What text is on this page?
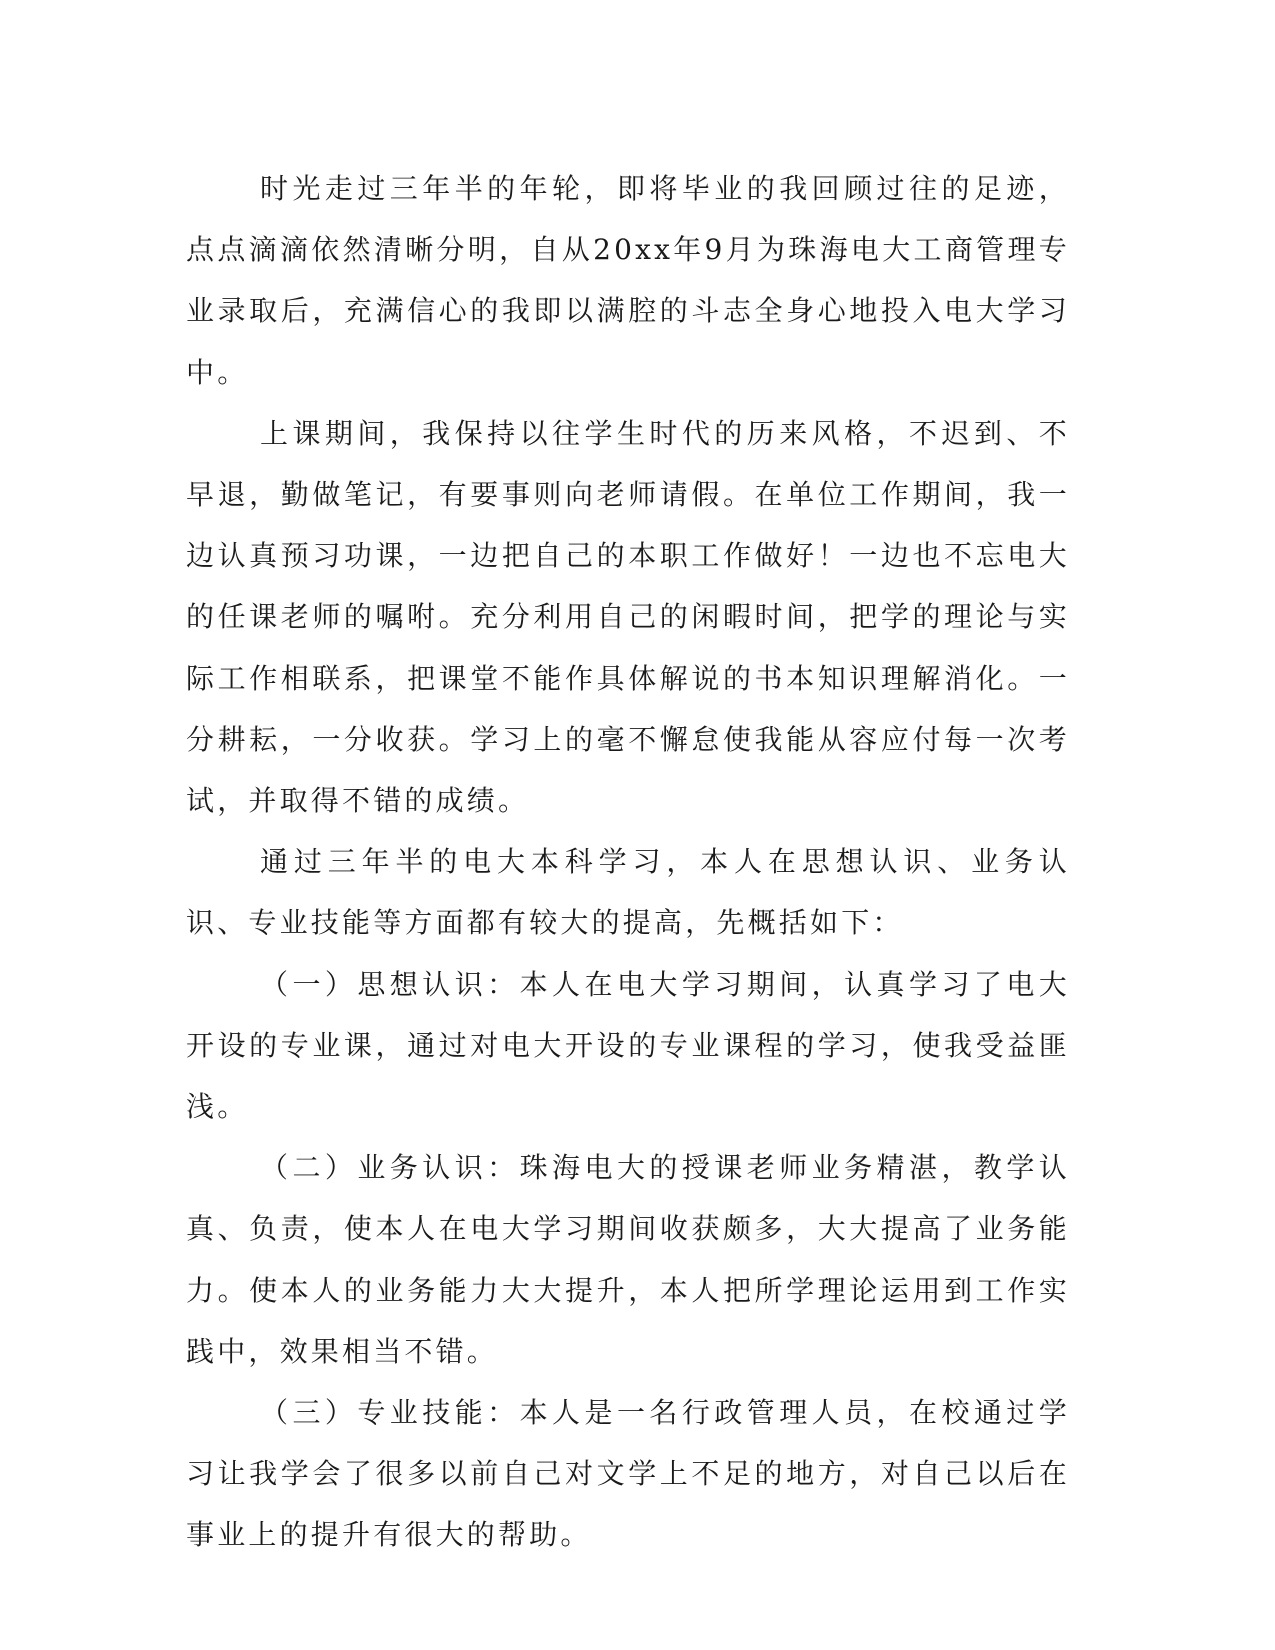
时光走过三年半的年轮，即将毕业的我回顾过往的足迹，点点滴滴依然清晰分明，自从20xx年9月为珠海电大工商管理专业录取后，充满信心的我即以满腔的斗志全身心地投入电大学习中。

上课期间，我保持以往学生时代的历来风格，不迟到、不早退，勤做笔记，有要事则向老师请假。在单位工作期间，我一边认真预习功课，一边把自己的本职工作做好！一边也不忘电大的任课老师的嘱咐。充分利用自己的闲暇时间，把学的理论与实际工作相联系，把课堂不能作具体解说的书本知识理解消化。一分耕耘，一分收获。学习上的毫不懈怠使我能从容应付每一次考试，并取得不错的成绩。

通过三年半的电大本科学习，本人在思想认识、业务认识、专业技能等方面都有较大的提高，先概括如下：

（一）思想认识：本人在电大学习期间，认真学习了电大开设的专业课，通过对电大开设的专业课程的学习，使我受益匪浅。

（二）业务认识：珠海电大的授课老师业务精湛，教学认真、负责，使本人在电大学习期间收获颇多，大大提高了业务能力。使本人的业务能力大大提升，本人把所学理论运用到工作实践中，效果相当不错。

（三）专业技能：本人是一名行政管理人员，在校通过学习让我学会了很多以前自己对文学上不足的地方，对自己以后在事业上的提升有很大的帮助。
